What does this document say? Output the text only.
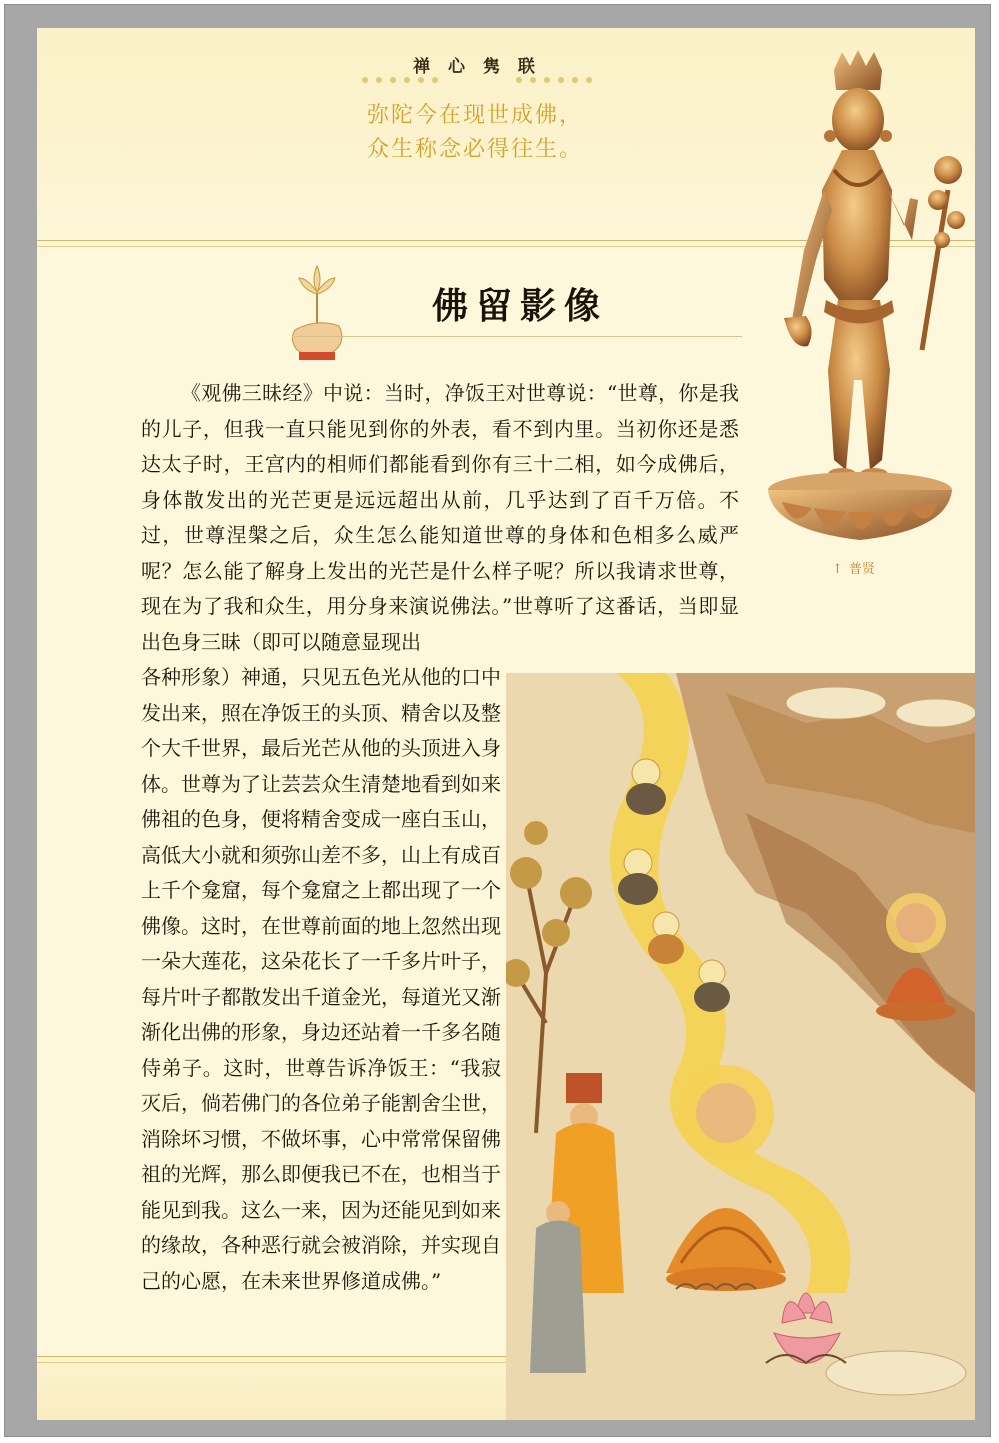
禅 心 隽 联
弥陀今在现世成佛，
众生称念必得往生。
↑ 普贤
佛留影像

《观佛三昧经》中说：当时，净饭王对世尊说：“世尊，你是我的儿子，但我一直只能见到你的外表，看不到内里。当初你还是悉达太子时，王宫内的相师们都能看到你有三十二相，如今成佛后，身体散发出的光芒更是远远超出从前，几乎达到了百千万倍。不过，世尊涅槃之后，众生怎么能知道世尊的身体和色相多么威严呢？怎么能了解身上发出的光芒是什么样子呢？所以我请求世尊，现在为了我和众生，用分身来演说佛法。”世尊听了这番话，当即显出色身三昧（即可以随意显现出

各种形象）神通，只见五色光从他的口中发出来，照在净饭王的头顶、精舍以及整个大千世界，最后光芒从他的头顶进入身体。世尊为了让芸芸众生清楚地看到如来佛祖的色身，便将精舍变成一座白玉山，高低大小就和须弥山差不多，山上有成百上千个龛窟，每个龛窟之上都出现了一个佛像。这时，在世尊前面的地上忽然出现一朵大莲花，这朵花长了一千多片叶子，每片叶子都散发出千道金光，每道光又渐渐化出佛的形象，身边还站着一千多名随侍弟子。这时，世尊告诉净饭王：“我寂灭后，倘若佛门的各位弟子能割舍尘世，消除坏习惯，不做坏事，心中常常保留佛祖的光辉，那么即便我已不在，也相当于能见到我。这么一来，因为还能见到如来的缘故，各种恶行就会被消除，并实现自己的心愿，在未来世界修道成佛。”
